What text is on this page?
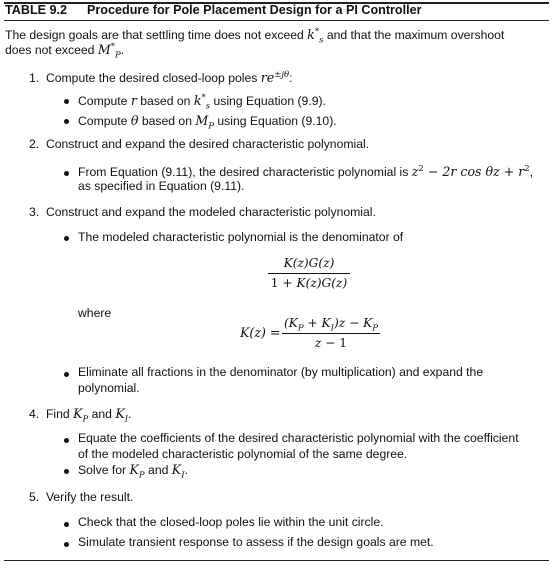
TABLE 9.2 Procedure for Pole Placement Design for a PI Controller
The design goals are that settling time does not exceed $k^*_s$ and that the maximum overshoot
does not exceed $M^*_P$.
1. Compute the desired closed-loop poles $re^{\pm j\theta}$:
Compute r based on $k^*_s$ using Equation (9.9).
Compute θ based on $M_P$ using Equation (9.10).
2. Construct and expand the desired characteristic polynomial.
From Equation (9.11), the desired characteristic polynomial is $z^2 - 2r$ $\cos \theta z + r^2$,
as specified in Equation (9.11).
3. Construct and expand the modeled characteristic polynomial.
The modeled characteristic polynomial is the denominator of
K(z)G(z)
1 + K(z)G(z)
where
K(z) =
$(K_P + K_I)z - K_P$
z − 1
Eliminate all fractions in the denominator (by multiplication) and expand the
polynomial.
4. Find $K_P$ and $K_I$.
Equate the coefficients of the desired characteristic polynomial with the coefficient
of the modeled characteristic polynomial of the same degree.
Solve for $K_P$ and $K_I$.
5. Verify the result.
Check that the closed-loop poles lie within the unit circle.
Simulate transient response to assess if the design goals are met.
